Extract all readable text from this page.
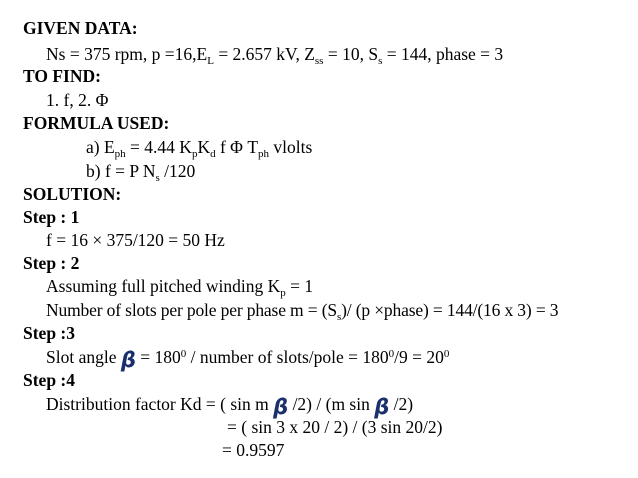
GIVEN DATA:
Ns = 375 rpm, $p =16,E_L = 2.657$ kV, $Z_{ss} = 10$, $S_s = 144$, phase = 3
TO FIND:
1. f, 2. Φ
FORMULA USED:
a) $E_{ph} = 4.44$ $K_pK_d$ f Φ $T_{ph}$ vlolts
b) f = P $N_s$ /120
SOLUTION:
Step : 1
f = 16 × 375/120 = 50 Hz
Step : 2
Assuming full pitched winding $K_p = 1$
Number of slots per pole per phase $m = (S_s)/$ (p ×phase) = 144/(16 x 3) = 3
Step :3
Slot angle $\beta = 180^0$ / number of slots/pole = $180^0/9 = 20^0$
Step :4
Distribution factor Kd = ( sin m β /2) / (m sin β /2)
= ( sin 3 x 20 / 2) / (3 sin 20/2)
= 0.9597
